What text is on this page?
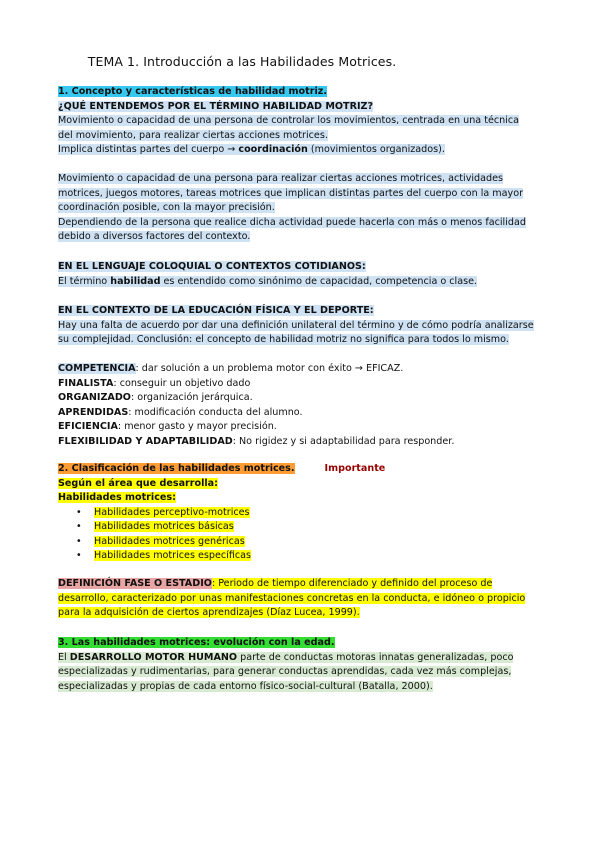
TEMA 1. Introducción a las Habilidades Motrices.
1. Concepto y características de habilidad motriz.
¿QUÉ ENTENDEMOS POR EL TÉRMINO HABILIDAD MOTRIZ?
Movimiento o capacidad de una persona de controlar los movimientos, centrada en una técnica
del movimiento, para realizar ciertas acciones motrices.
Implica distintas partes del cuerpo → coordinación (movimientos organizados).
Movimiento o capacidad de una persona para realizar ciertas acciones motrices, actividades
motrices, juegos motores, tareas motrices que implican distintas partes del cuerpo con la mayor
coordinación posible, con la mayor precisión.
Dependiendo de la persona que realice dicha actividad puede hacerla con más o menos facilidad
debido a diversos factores del contexto.
EN EL LENGUAJE COLOQUIAL O CONTEXTOS COTIDIANOS:
El término habilidad es entendido como sinónimo de capacidad, competencia o clase.
EN EL CONTEXTO DE LA EDUCACIÓN FÍSICA Y EL DEPORTE:
Hay una falta de acuerdo por dar una definición unilateral del término y de cómo podría analizarse
su complejidad. Conclusión: el concepto de habilidad motriz no significa para todos lo mismo.
COMPETENCIA: dar solución a un problema motor con éxito → EFICAZ.
FINALISTA: conseguir un objetivo dado
ORGANIZADO: organización jerárquica.
APRENDIDAS: modificación conducta del alumno.
EFICIENCIA: menor gasto y mayor precisión.
FLEXIBILIDAD Y ADAPTABILIDAD: No rigidez y si adaptabilidad para responder.
2. Clasificación de las habilidades motrices.	Importante
Según el área que desarrolla:
Habilidades motrices:
• Habilidades perceptivo-motrices
• Habilidades motrices básicas
• Habilidades motrices genéricas
• Habilidades motrices específicas
DEFINICIÓN FASE O ESTADIO: Periodo de tiempo diferenciado y definido del proceso de
desarrollo, caracterizado por unas manifestaciones concretas en la conducta, e idóneo o propicio
para la adquisición de ciertos aprendizajes (Díaz Lucea, 1999).
3. Las habilidades motrices: evolución con la edad.
El DESARROLLO MOTOR HUMANO parte de conductas motoras innatas generalizadas, poco
especializadas y rudimentarias, para generar conductas aprendidas, cada vez más complejas,
especializadas y propias de cada entorno físico-social-cultural (Batalla, 2000).
